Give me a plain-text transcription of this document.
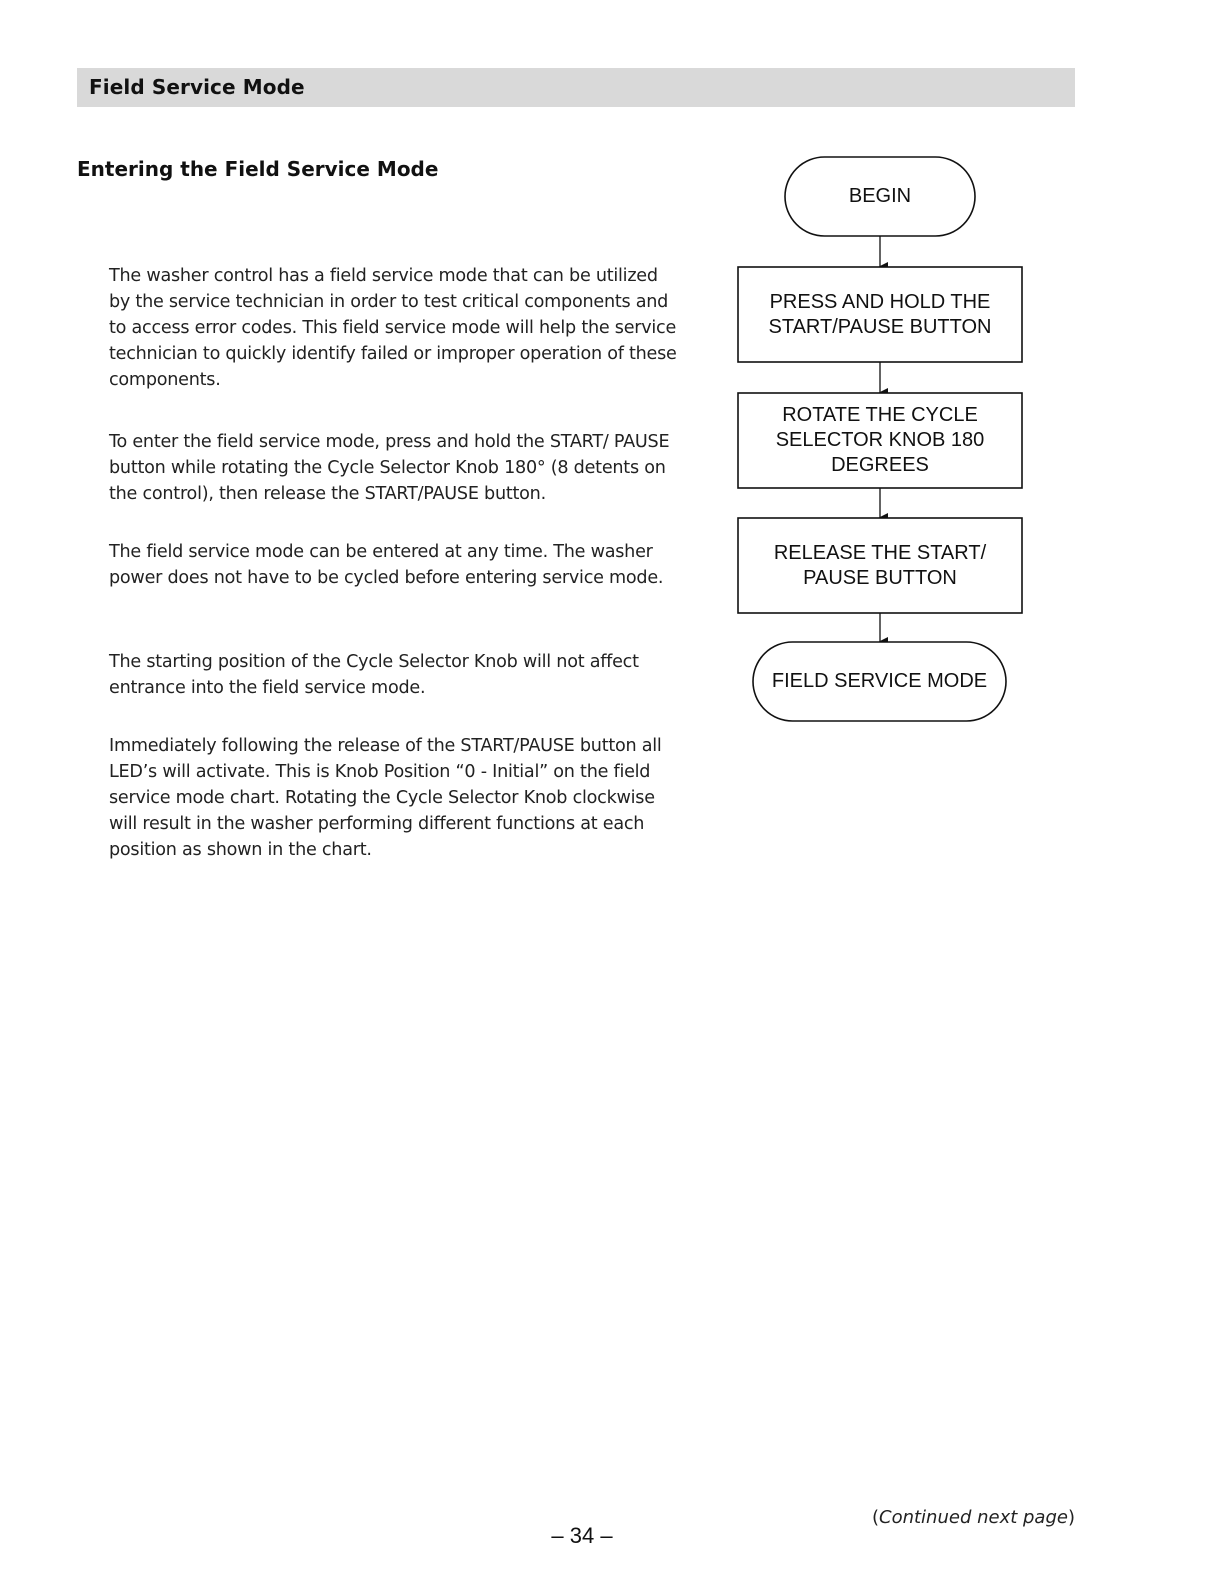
Field Service Mode
Entering the Field Service Mode

The washer control has a field service mode that can be utilized by the service technician in order to test critical components and to access error codes. This field service mode will help the service technician to quickly identify failed or improper operation of these components.

To enter the field service mode, press and hold the START/ PAUSE button while rotating the Cycle Selector Knob 180° (8 detents on the control), then release the START/PAUSE button.

The field service mode can be entered at any time. The washer power does not have to be cycled before entering service mode.

The starting position of the Cycle Selector Knob will not affect entrance into the field service mode.

Immediately following the release of the START/PAUSE button all LED’s will activate. This is Knob Position “0 - Initial” on the field service mode chart. Rotating the Cycle Selector Knob clockwise will result in the washer performing different functions at each position as shown in the chart.

BEGIN
PRESS AND HOLD THE START/PAUSE BUTTON
ROTATE THE CYCLE SELECTOR KNOB 180 DEGREES
RELEASE THE START/ PAUSE BUTTON
FIELD SERVICE MODE
(Continued next page)
– 34 –
